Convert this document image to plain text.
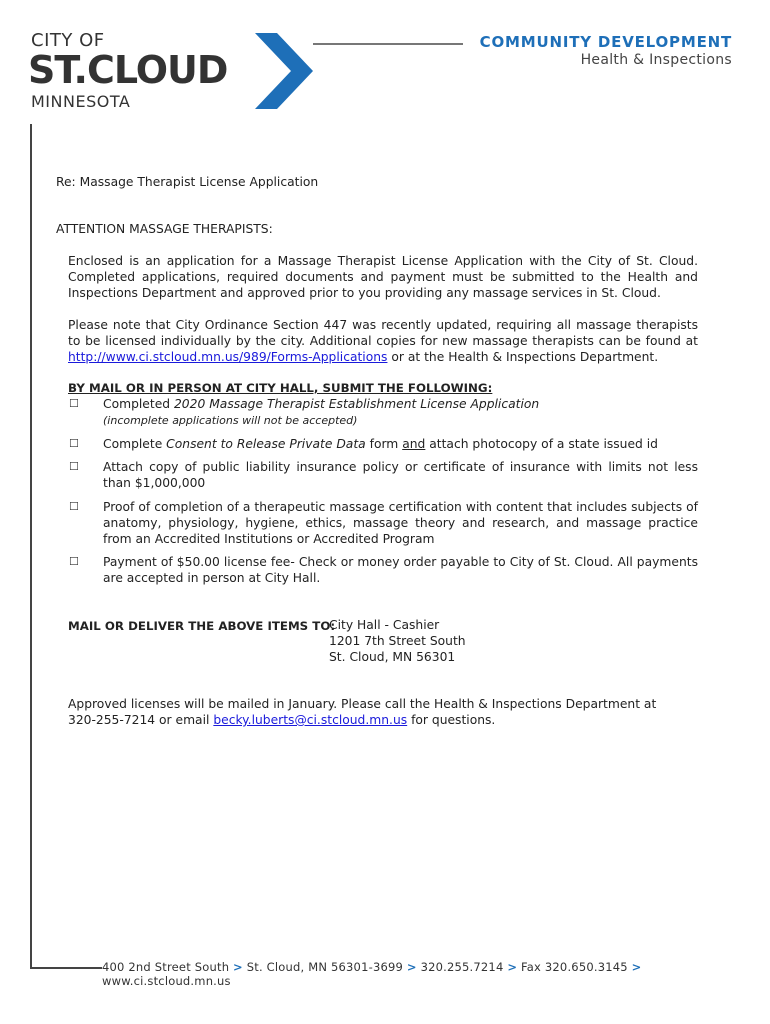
CITY OF
ST.CLOUD
MINNESOTA
COMMUNITY DEVELOPMENT
Health & Inspections
Re: Massage Therapist License Application
ATTENTION MASSAGE THERAPISTS:
Enclosed is an application for a Massage Therapist License Application with the City of St. Cloud. Completed applications, required documents and payment must be submitted to the Health and Inspections Department and approved prior to you providing any massage services in St. Cloud.
Please note that City Ordinance Section 447 was recently updated, requiring all massage therapists to be licensed individually by the city. Additional copies for new massage therapists can be found at http://www.ci.stcloud.mn.us/989/Forms-Applications or at the Health & Inspections Department.
BY MAIL OR IN PERSON AT CITY HALL, SUBMIT THE FOLLOWING:
☐ Completed 2020 Massage Therapist Establishment License Application
(incomplete applications will not be accepted)
☐ Complete Consent to Release Private Data form and attach photocopy of a state issued id
☐ Attach copy of public liability insurance policy or certificate of insurance with limits not less than $1,000,000
☐ Proof of completion of a therapeutic massage certification with content that includes subjects of anatomy, physiology, hygiene, ethics, massage theory and research, and massage practice from an Accredited Institutions or Accredited Program
☐ Payment of $50.00 license fee- Check or money order payable to City of St. Cloud. All payments are accepted in person at City Hall.
MAIL OR DELIVER THE ABOVE ITEMS TO:
City Hall - Cashier
1201 7th Street South
St. Cloud, MN 56301
Approved licenses will be mailed in January. Please call the Health & Inspections Department at 320-255-7214 or email becky.luberts@ci.stcloud.mn.us for questions.
400 2nd Street South > St. Cloud, MN 56301-3699 > 320.255.7214 > Fax 320.650.3145 > www.ci.stcloud.mn.us
